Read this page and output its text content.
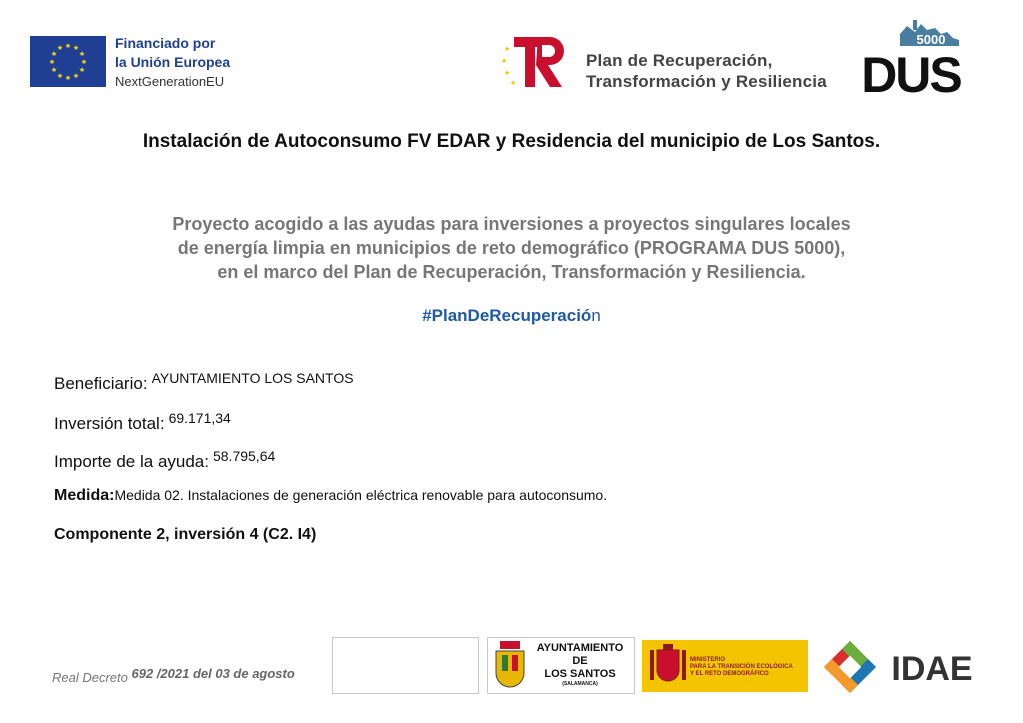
★ ★
★
★
★
★
★
★
★
★
★
★	Financiado por
la Unión Europea
NextGenerationEU
★
★
★
★
Plan de Recuperación,
Transformación y Resiliencia
5000
DUS
Instalación de Autoconsumo FV EDAR y Residencia del municipio de Los Santos.
Proyecto acogido a las ayudas para inversiones a proyectos singulares locales
de energía limpia en municipios de reto demográfico (PROGRAMA DUS 5000),
en el marco del Plan de Recuperación, Transformación y Resiliencia.
#PlanDeRecuperación
Beneficiario: $^{AYUNTAMIENTO LOS SANTOS}$
Inversión total: $^{69.171,34}$
Importe de la ayuda: $^{58.795,64}$
Medida:Medida 02. Instalaciones de generación eléctrica renovable para autoconsumo.
Componente 2, inversión 4 (C2. I4)
Real Decreto 692 /2021 del 03 de agosto
AYUNTAMIENTO
DE
LOS SANTOS
(SALAMANCA)
MINISTERIO
PARA LA TRANSICIÓN ECOLÓGICA
Y EL RETO DEMOGRÁFICO	IDAE
